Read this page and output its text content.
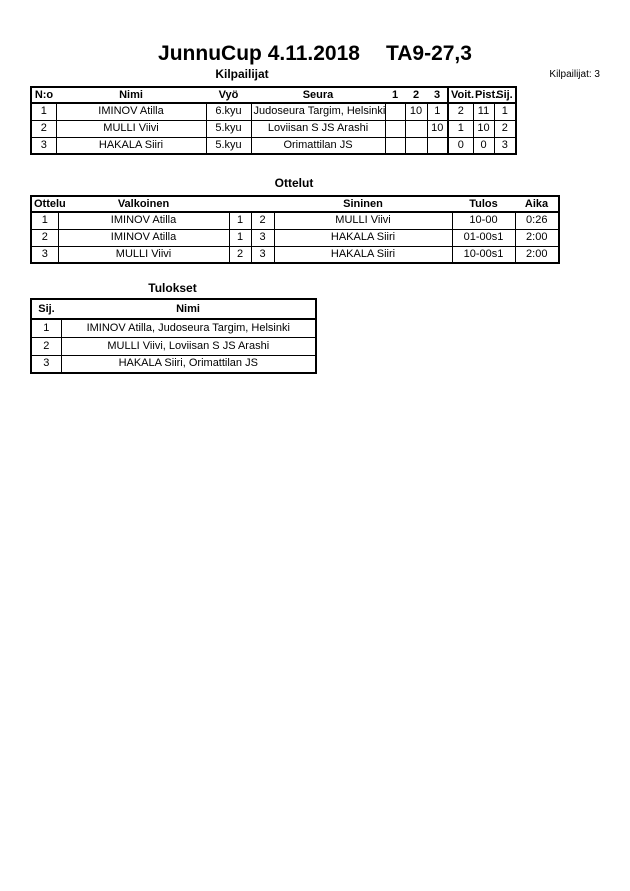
JunnuCup 4.11.2018 TA9-27,3
Kilpailijat	Kilpailijat: 3
N:o	Nimi	Vyö	Seura	1	2	3	Voit.	Pist.	Sij.
1	IMINOV Atilla	6.kyu	Judoseura Targim, Helsinki		10	1	2	11	1
2	MULLI Viivi	5.kyu	Loviisan S JS Arashi			10	1	10	2
3	HAKALA Siiri	5.kyu	Orimattilan JS				0	0	3
Ottelut
Ottelu	Valkoinen			Sininen	Tulos	Aika
1	IMINOV Atilla	1	2	MULLI Viivi	10-00	0:26
2	IMINOV Atilla	1	3	HAKALA Siiri	01-00s1	2:00
3	MULLI Viivi	2	3	HAKALA Siiri	10-00s1	2:00
Tulokset
Sij.	Nimi
1	IMINOV Atilla, Judoseura Targim, Helsinki
2	MULLI Viivi, Loviisan S JS Arashi
3	HAKALA Siiri, Orimattilan JS
